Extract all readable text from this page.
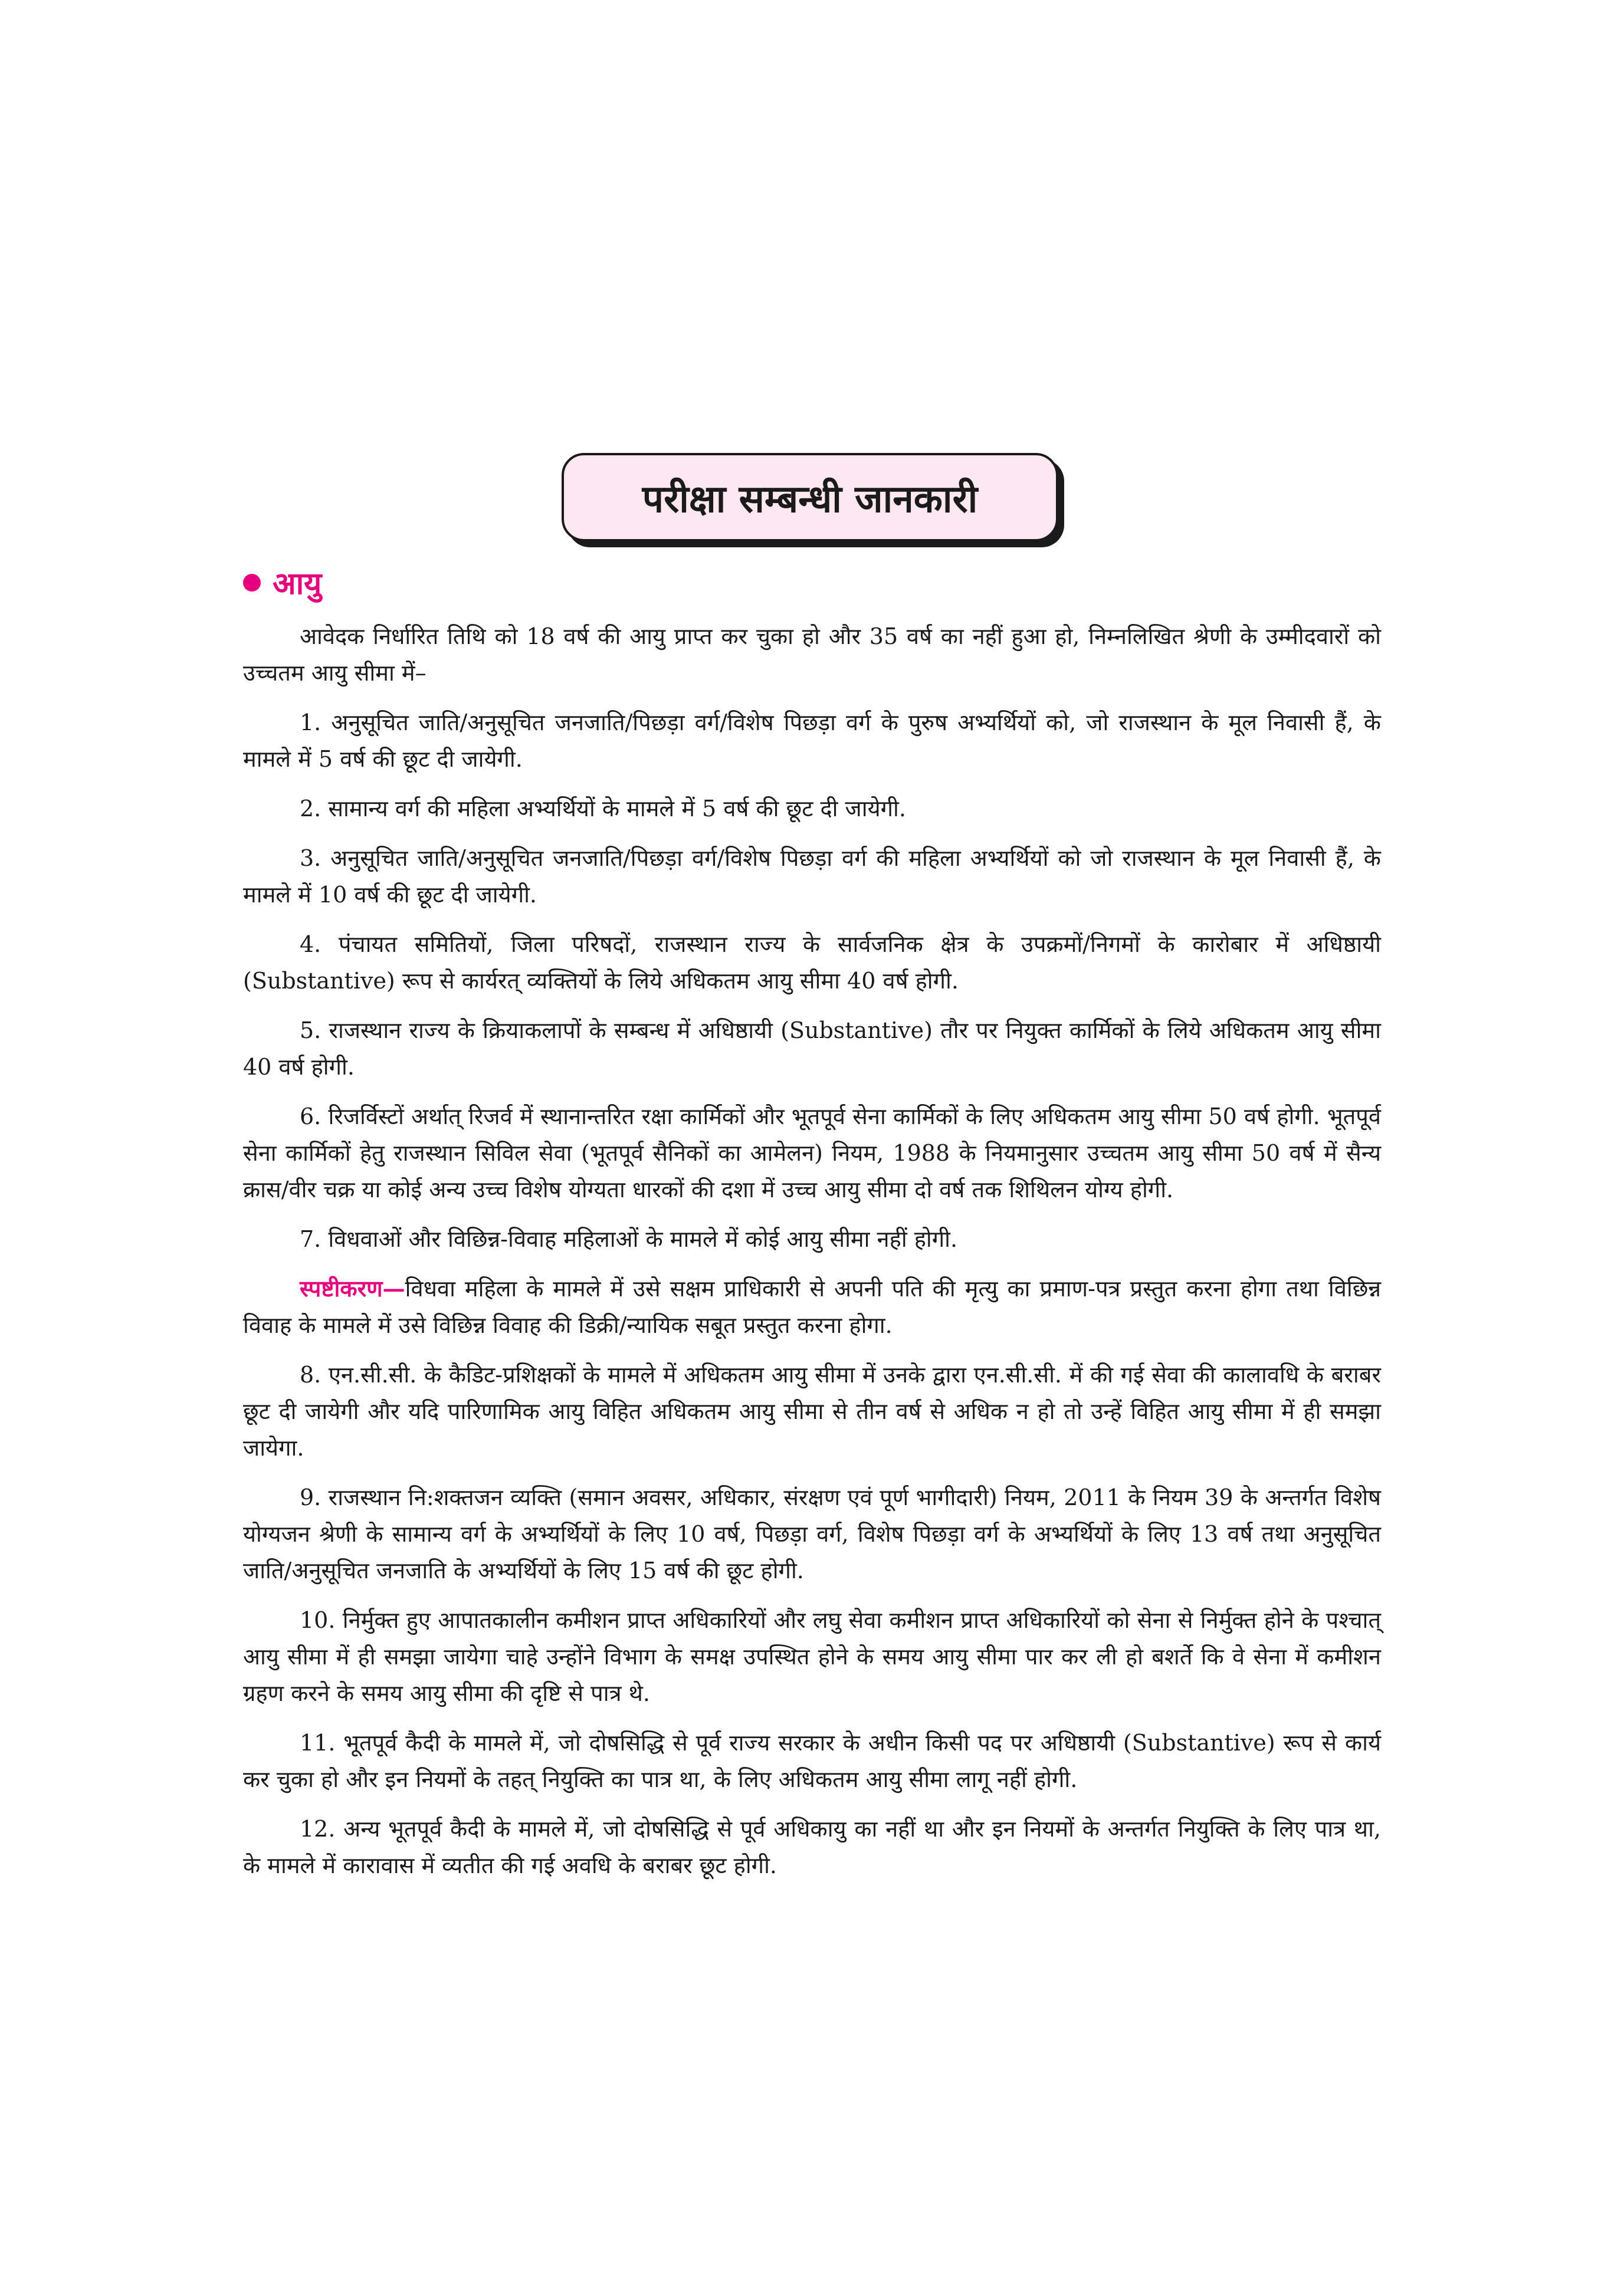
परीक्षा सम्बन्धी जानकारी
आयु

आवेदक निर्धारित तिथि को 18 वर्ष की आयु प्राप्त कर चुका हो और 35 वर्ष का नहीं हुआ हो, निम्नलिखित श्रेणी के उम्मीदवारों को उच्चतम आयु सीमा में–

1. अनुसूचित जाति/अनुसूचित जनजाति/पिछड़ा वर्ग/विशेष पिछड़ा वर्ग के पुरुष अभ्यर्थियों को, जो राजस्थान के मूल निवासी हैं, के मामले में 5 वर्ष की छूट दी जायेगी.

2. सामान्य वर्ग की महिला अभ्यर्थियों के मामले में 5 वर्ष की छूट दी जायेगी.

3. अनुसूचित जाति/अनुसूचित जनजाति/पिछड़ा वर्ग/विशेष पिछड़ा वर्ग की महिला अभ्यर्थियों को जो राजस्थान के मूल निवासी हैं, के मामले में 10 वर्ष की छूट दी जायेगी.

4. पंचायत समितियों, जिला परिषदों, राजस्थान राज्य के सार्वजनिक क्षेत्र के उपक्रमों/निगमों के कारोबार में अधिष्ठायी (Substantive) रूप से कार्यरत् व्यक्तियों के लिये अधिकतम आयु सीमा 40 वर्ष होगी.

5. राजस्थान राज्य के क्रियाकलापों के सम्बन्ध में अधिष्ठायी (Substantive) तौर पर नियुक्त कार्मिकों के लिये अधिकतम आयु सीमा 40 वर्ष होगी.

6. रिजर्विस्टों अर्थात् रिजर्व में स्थानान्तरित रक्षा कार्मिकों और भूतपूर्व सेना कार्मिकों के लिए अधिकतम आयु सीमा 50 वर्ष होगी. भूतपूर्व सेना कार्मिकों हेतु राजस्थान सिविल सेवा (भूतपूर्व सैनिकों का आमेलन) नियम, 1988 के नियमानुसार उच्चतम आयु सीमा 50 वर्ष में सैन्य क्रास/वीर चक्र या कोई अन्य उच्च विशेष योग्यता धारकों की दशा में उच्च आयु सीमा दो वर्ष तक शिथिलन योग्य होगी.

7. विधवाओं और विछिन्न-विवाह महिलाओं के मामले में कोई आयु सीमा नहीं होगी.

स्पष्टीकरण—विधवा महिला के मामले में उसे सक्षम प्राधिकारी से अपनी पति की मृत्यु का प्रमाण-पत्र प्रस्तुत करना होगा तथा विछिन्न विवाह के मामले में उसे विछिन्न विवाह की डिक्री/न्यायिक सबूत प्रस्तुत करना होगा.

8. एन.सी.सी. के कैडिट-प्रशिक्षकों के मामले में अधिकतम आयु सीमा में उनके द्वारा एन.सी.सी. में की गई सेवा की कालावधि के बराबर छूट दी जायेगी और यदि पारिणामिक आयु विहित अधिकतम आयु सीमा से तीन वर्ष से अधिक न हो तो उन्हें विहित आयु सीमा में ही समझा जायेगा.

9. राजस्थान नि:शक्तजन व्यक्ति (समान अवसर, अधिकार, संरक्षण एवं पूर्ण भागीदारी) नियम, 2011 के नियम 39 के अन्तर्गत विशेष योग्यजन श्रेणी के सामान्य वर्ग के अभ्यर्थियों के लिए 10 वर्ष, पिछड़ा वर्ग, विशेष पिछड़ा वर्ग के अभ्यर्थियों के लिए 13 वर्ष तथा अनुसूचित जाति/अनुसूचित जनजाति के अभ्यर्थियों के लिए 15 वर्ष की छूट होगी.

10. निर्मुक्त हुए आपातकालीन कमीशन प्राप्त अधिकारियों और लघु सेवा कमीशन प्राप्त अधिकारियों को सेना से निर्मुक्त होने के पश्चात् आयु सीमा में ही समझा जायेगा चाहे उन्होंने विभाग के समक्ष उपस्थित होने के समय आयु सीमा पार कर ली हो बशर्ते कि वे सेना में कमीशन ग्रहण करने के समय आयु सीमा की दृष्टि से पात्र थे.

11. भूतपूर्व कैदी के मामले में, जो दोषसिद्धि से पूर्व राज्य सरकार के अधीन किसी पद पर अधिष्ठायी (Substantive) रूप से कार्य कर चुका हो और इन नियमों के तहत् नियुक्ति का पात्र था, के लिए अधिकतम आयु सीमा लागू नहीं होगी.

12. अन्य भूतपूर्व कैदी के मामले में, जो दोषसिद्धि से पूर्व अधिकायु का नहीं था और इन नियमों के अन्तर्गत नियुक्ति के लिए पात्र था, के मामले में कारावास में व्यतीत की गई अवधि के बराबर छूट होगी.
